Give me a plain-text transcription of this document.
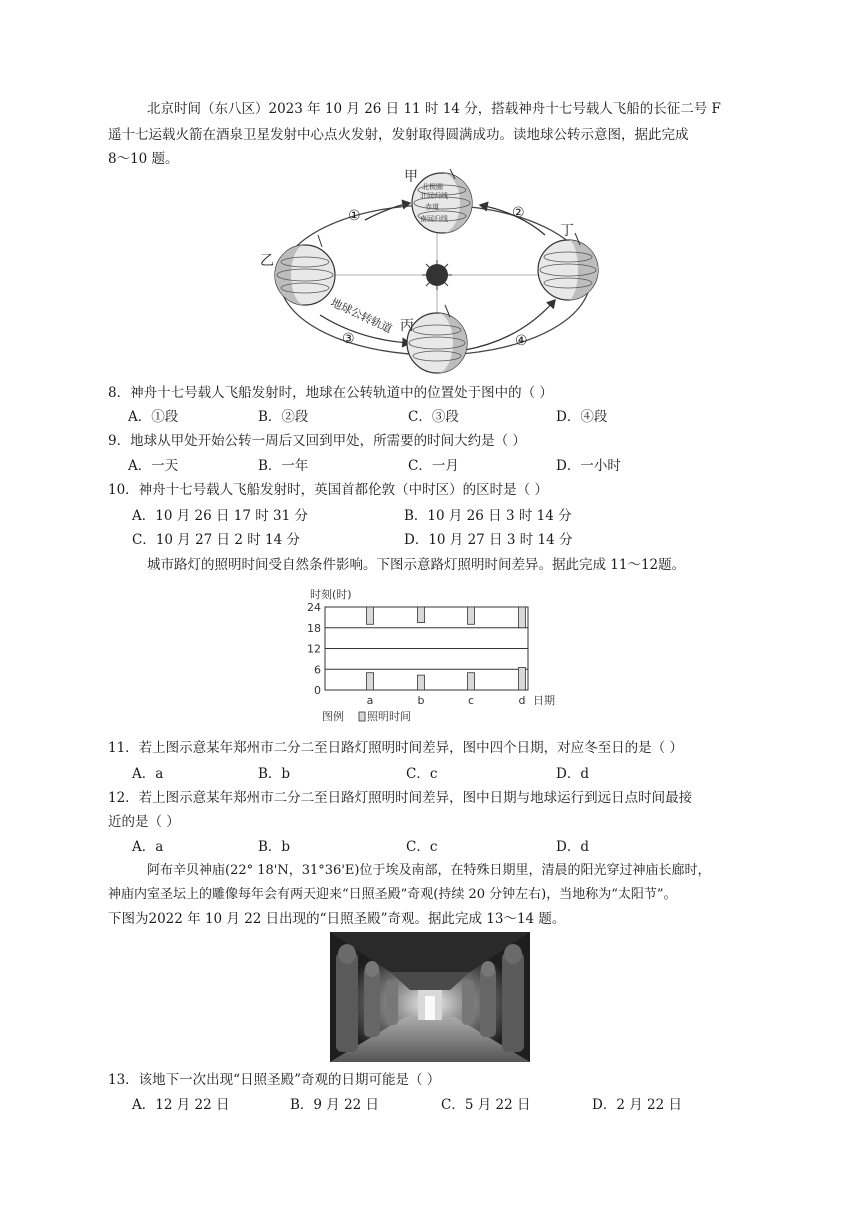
北京时间（东八区）2023 年 10 月 26 日 11 时 14 分，搭载神舟十七号载人飞船的长征二号 F
遥十七运载火箭在酒泉卫星发射中心点火发射，发射取得圆满成功。读地球公转示意图，据此完成
8～10 题。
北极圈
北回归线
赤道
南回归线
甲
乙
丙
丁
①	②
③	④
地球公转轨道
8．神舟十七号载人飞船发射时，地球在公转轨道中的位置处于图中的（ ）
A．①段	B．②段	C．③段	D．④段
9．地球从甲处开始公转一周后又回到甲处，所需要的时间大约是（ ）
A．一天	B．一年	C．一月	D．一小时
10．神舟十七号载人飞船发射时，英国首都伦敦（中时区）的区时是（ ）
A．10 月 26 日 17 时 31 分	B．10 月 26 日 3 时 14 分
C．10 月 27 日 2 时 14 分	D．10 月 27 日 3 时 14 分
城市路灯的照明时间受自然条件影响。下图示意路灯照明时间差异。据此完成 11～12题。
时刻(时)
0
6
12
18
24
a	b	c	d 日期
图例 照明时间
11．若上图示意某年郑州市二分二至日路灯照明时间差异，图中四个日期，对应冬至日的是（ ）
A．a	B．b	C．c	D．d
12．若上图示意某年郑州市二分二至日路灯照明时间差异，图中日期与地球运行到远日点时间最接
近的是（ ）
A．a	B．b	C．c	D．d
阿布辛贝神庙(22° 18'N，31°36'E)位于埃及南部，在特殊日期里，清晨的阳光穿过神庙长廊时，
神庙内室圣坛上的雕像每年会有两天迎来“日照圣殿”奇观(持续 20 分钟左右)，当地称为“太阳节”。
下图为2022 年 10 月 22 日出现的“日照圣殿”奇观。据此完成 13～14 题。
13．该地下一次出现“日照圣殿”奇观的日期可能是（ ）
A．12 月 22 日	B．9 月 22 日	C．5 月 22 日	D．2 月 22 日
